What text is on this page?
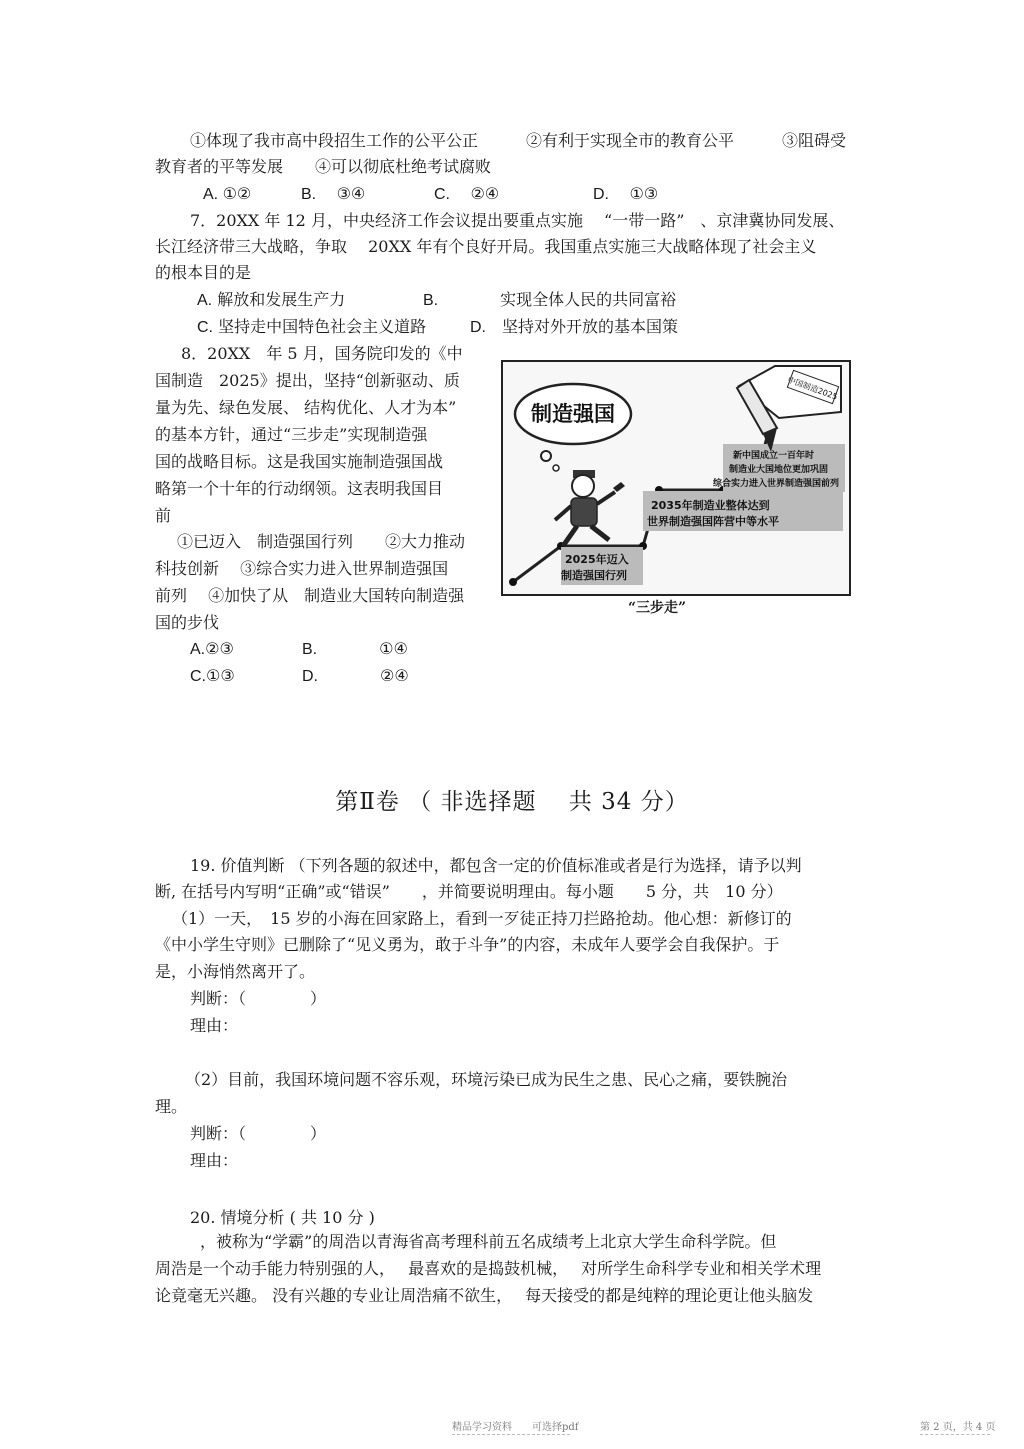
①体现了我市高中段招生工作的公平公正　　　②有利于实现全市的教育公平　　　③阻碍受
教育者的平等发展　　④可以彻底杜绝考试腐败
A. ①②	B.　 ③④	C.　 ②④	D.　 ①③
7．20XX 年 12 月，中央经济工作会议提出要重点实施　 “一带一路”　、京津冀协同发展、
长江经济带三大战略，争取　 20XX 年有个良好开局。我国重点实施三大战略体现了社会主义
的根本目的是
A. 解放和发展生产力	B.	实现全体人民的共同富裕
C. 坚持走中国特色社会主义道路	D.　 坚持对外开放的基本国策
8．20XX　年 5 月，国务院印发的《中
国制造　2025》提出，坚持“创新驱动、质
量为先、绿色发展、 结构优化、人才为本”
的基本方针，通过“三步走”实现制造强
国的战略目标。这是我国实施制造强国战
略第一个十年的行动纲领。这表明我国目
前
①已迈入　制造强国行列　　②大力推动
科技创新　 ③综合实力进入世界制造强国
前列　 ④加快了从　制造业大国转向制造强
国的步伐
A.②③	B.	①④
C.①③	D.	②④
制造强国
2025年迈入 制造强国行列
2035年制造业整体达到 世界制造强国阵营中等水平
新中国成立一百年时 制造业大国地位更加巩固 综合实力进入世界制造强国前列
中国制造2025
“三步走”
第Ⅱ卷 （ 非选择题　 共 34 分）
19. 价值判断 （下列各题的叙述中，都包含一定的价值标准或者是行为选择，请予以判
断, 在括号内写明“正确”或“错误”　　，并简要说明理由。每小题　　5 分，共　10 分）
（1）一天，　15 岁的小海在回家路上，看到一歹徒正持刀拦路抢劫。他心想：新修订的
《中小学生守则》已删除了“见义勇为，敢于斗争”的内容，未成年人要学会自我保护。于
是，小海悄然离开了。
判断：（　　　　）
理由：
（2）目前，我国环境问题不容乐观，环境污染已成为民生之患、民心之痛，要铁腕治
理。
判断：（　　　　）
理由：
20. 情境分析 ( 共 10 分 )
，被称为“学霸”的周浩以青海省高考理科前五名成绩考上北京大学生命科学院。但
周浩是一个动手能力特别强的人，　 最喜欢的是捣鼓机械，　 对所学生命科学专业和相关学术理
论竟毫无兴趣。 没有兴趣的专业让周浩痛不欲生，　 每天接受的都是纯粹的理论更让他头脑发
精品学习资料　　可选择pdf	第 2 页，共 4 页
